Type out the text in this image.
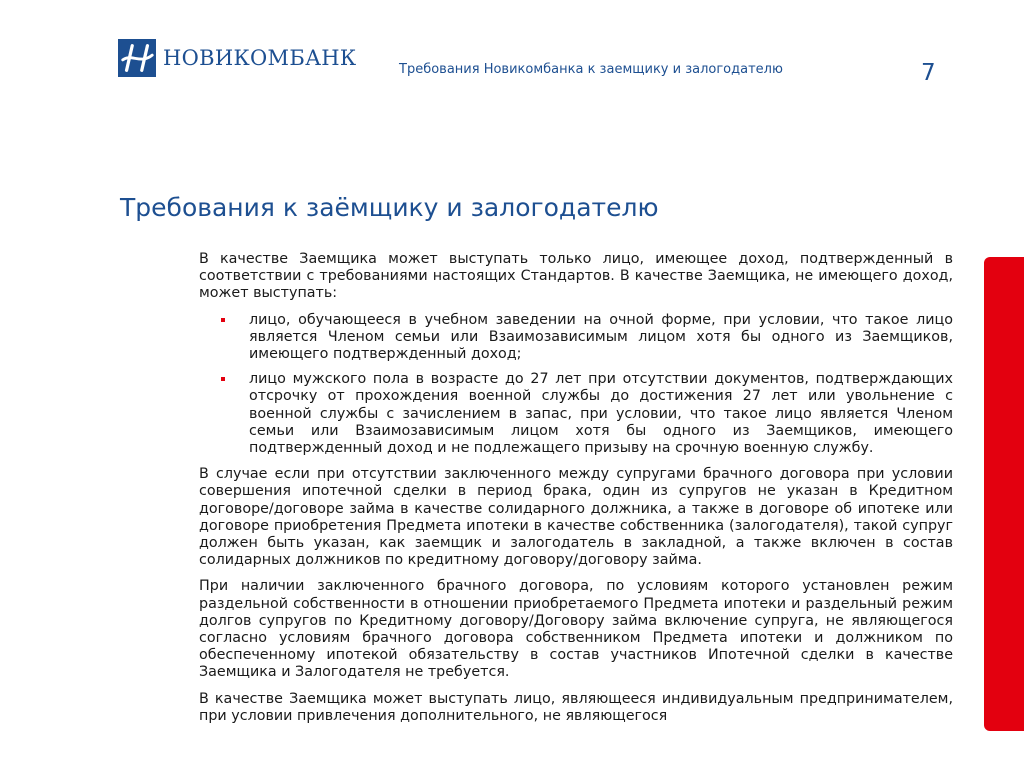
НОВИКОМБАНК	Требования Новикомбанка к заемщику и залогодателю	7
Требования к заёмщику и залогодателю
В качестве Заемщика может выступать только лицо, имеющее доход, подтвержденный в соответствии с требованиями настоящих Стандартов. В качестве Заемщика, не имеющего доход, может выступать:
лицо, обучающееся в учебном заведении на очной форме, при условии, что такое лицо является Членом семьи или Взаимозависимым лицом хотя бы одного из Заемщиков, имеющего подтвержденный доход;
лицо мужского пола в возрасте до 27 лет при отсутствии документов, подтверждающих отсрочку от прохождения военной службы до достижения 27 лет или увольнение с военной службы с зачислением в запас, при условии, что такое лицо является Членом семьи или Взаимозависимым лицом хотя бы одного из Заемщиков, имеющего подтвержденный доход и не подлежащего призыву на срочную военную службу.
В случае если при отсутствии заключенного между супругами брачного договора при условии совершения ипотечной сделки в период брака, один из супругов не указан в Кредитном договоре/договоре займа в качестве солидарного должника, а также в договоре об ипотеке или договоре приобретения Предмета ипотеки в качестве собственника (залогодателя), такой супруг должен быть указан, как заемщик и залогодатель в закладной, а также включен в состав солидарных должников по кредитному договору/договору займа.
При наличии заключенного брачного договора, по условиям которого установлен режим раздельной собственности в отношении приобретаемого Предмета ипотеки и раздельный режим долгов супругов по Кредитному договору/Договору займа включение супруга, не являющегося согласно условиям брачного договора собственником Предмета ипотеки и должником по обеспеченному ипотекой обязательству в состав участников Ипотечной сделки в качестве Заемщика и Залогодателя не требуется.
В качестве Заемщика может выступать лицо, являющееся индивидуальным предпринимателем, при условии привлечения дополнительного, не являющегося
